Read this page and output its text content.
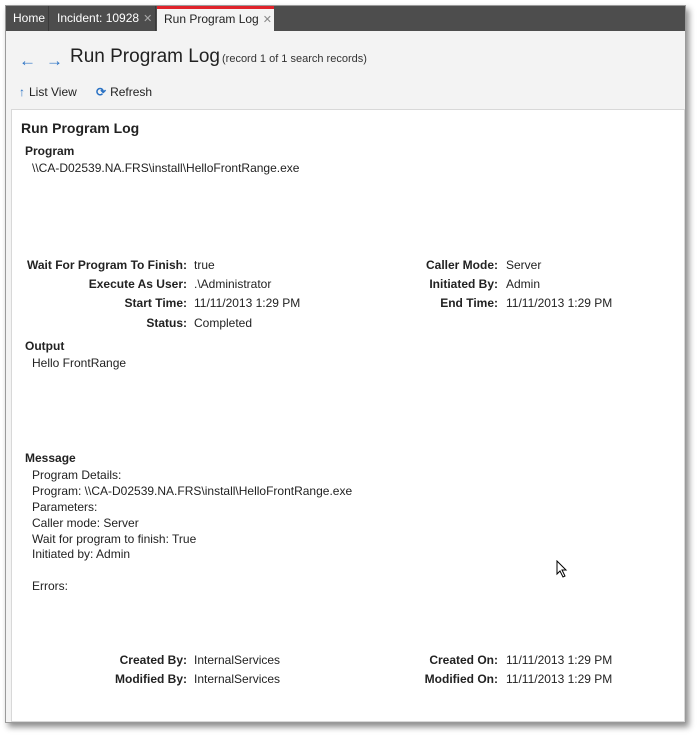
Home Incident: 10928 ✕ Run Program Log ✕
← → Run Program Log (record 1 of 1 search records)
↑ List View ⟳ Refresh
Run Program Log
Program
\\CA-D02539.NA.FRS\install\HelloFrontRange.exe
Wait For Program To Finish: true
Execute As User: .\Administrator
Start Time: 11/11/2013 1:29 PM
Status: Completed
Caller Mode: Server
Initiated By: Admin
End Time: 11/11/2013 1:29 PM
Output
Hello FrontRange
Message
Program Details:
Program: \\CA-D02539.NA.FRS\install\HelloFrontRange.exe
Parameters:
Caller mode: Server
Wait for program to finish: True
Initiated by: Admin
Errors:
Created By: InternalServices
Modified By: InternalServices
Created On: 11/11/2013 1:29 PM
Modified On: 11/11/2013 1:29 PM
